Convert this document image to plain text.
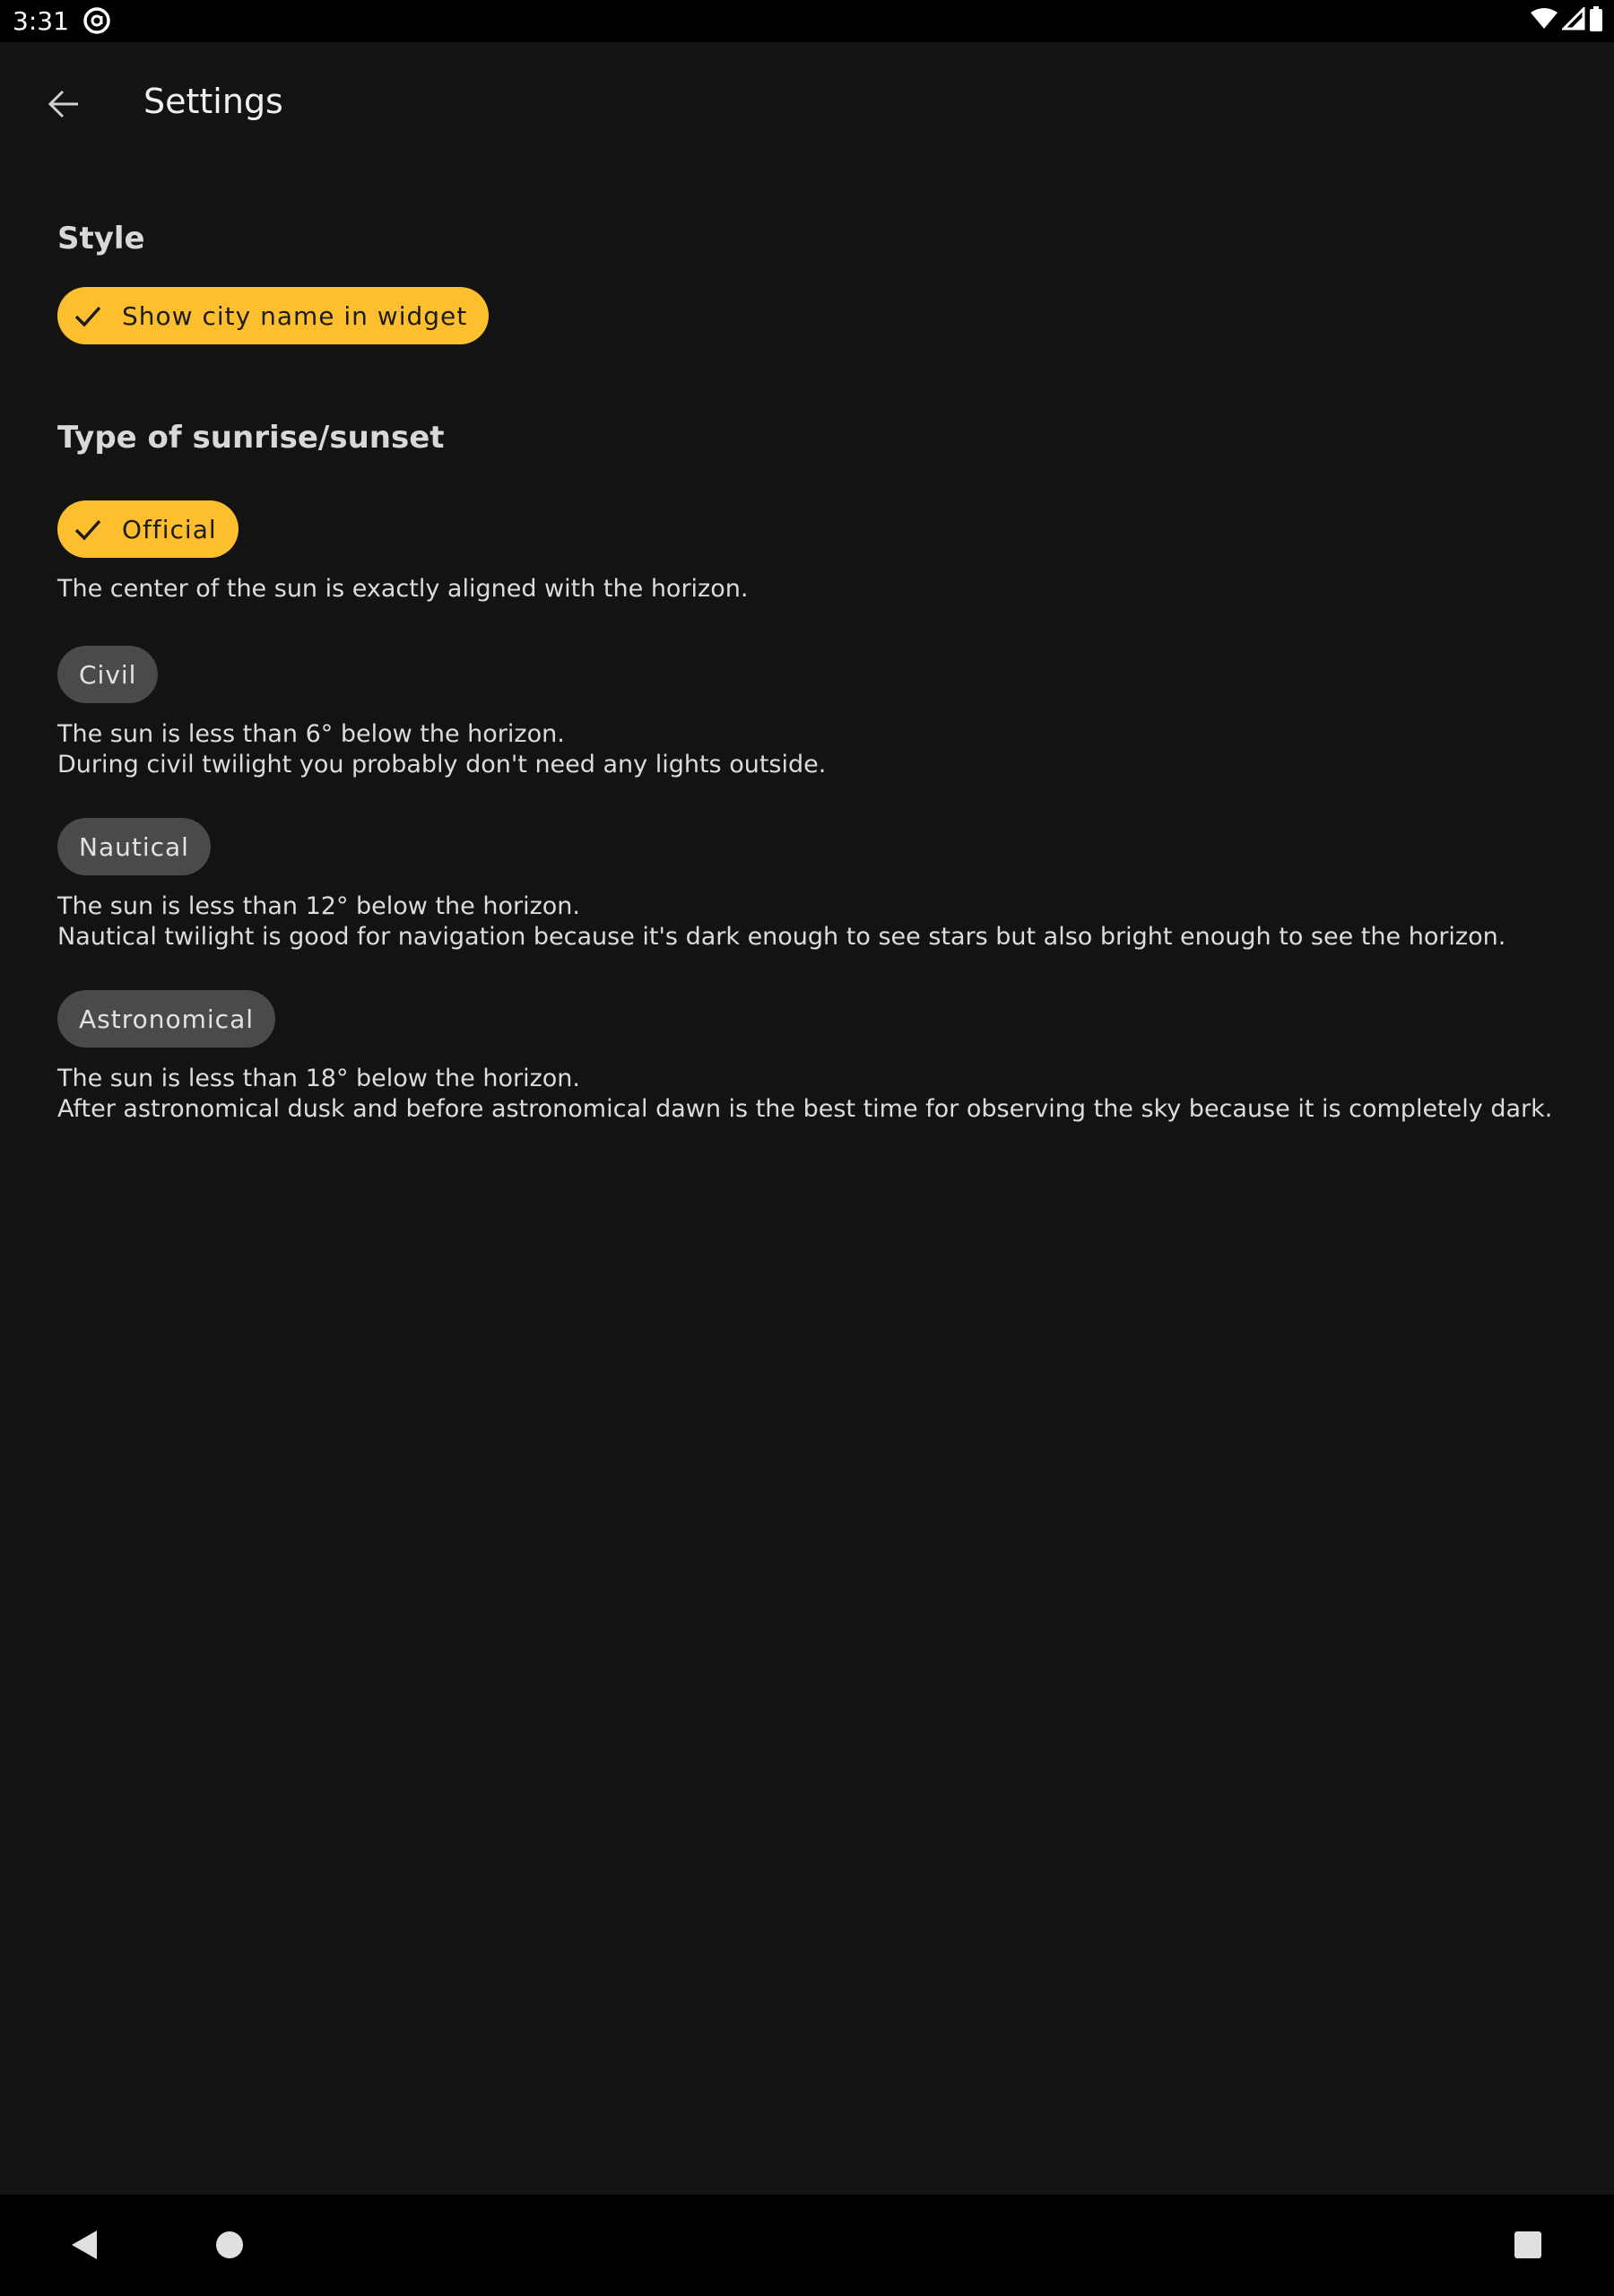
3:31
Settings
Style
Show city name in widget
Type of sunrise/sunset
Official

The center of the sun is exactly aligned with the horizon.

Civil

The sun is less than 6° below the horizon.

During civil twilight you probably don't need any lights outside.

Nautical

The sun is less than 12° below the horizon.

Nautical twilight is good for navigation because it's dark enough to see stars but also bright enough to see the horizon.

Astronomical

The sun is less than 18° below the horizon.

After astronomical dusk and before astronomical dawn is the best time for observing the sky because it is completely dark.
